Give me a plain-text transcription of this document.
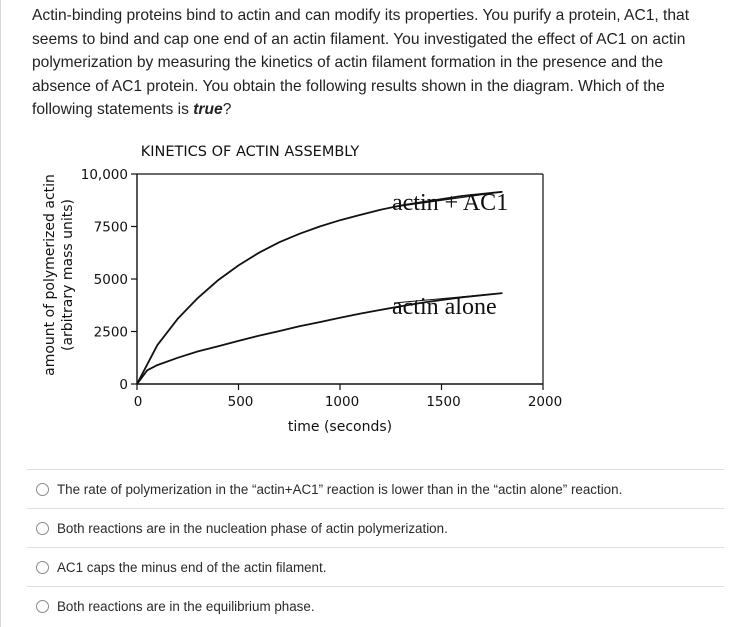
Actin-binding proteins bind to actin and can modify its properties. You purify a protein, AC1, that seems to bind and cap one end of an actin filament. You investigated the effect of AC1 on actin polymerization by measuring the kinetics of actin filament formation in the presence and the absence of AC1 protein. You obtain the following results shown in the diagram. Which of the following statements is true?
KINETICS OF ACTIN ASSEMBLY
0
2500
5000
7500
10,000
0	500	1000	1500	2000
time (seconds)
amount of polymerized actin (arbitrary mass units)	actin + AC1
actin alone
The rate of polymerization in the “actin+AC1” reaction is lower than in the “actin alone” reaction.
Both reactions are in the nucleation phase of actin polymerization.
AC1 caps the minus end of the actin filament.
Both reactions are in the equilibrium phase.
